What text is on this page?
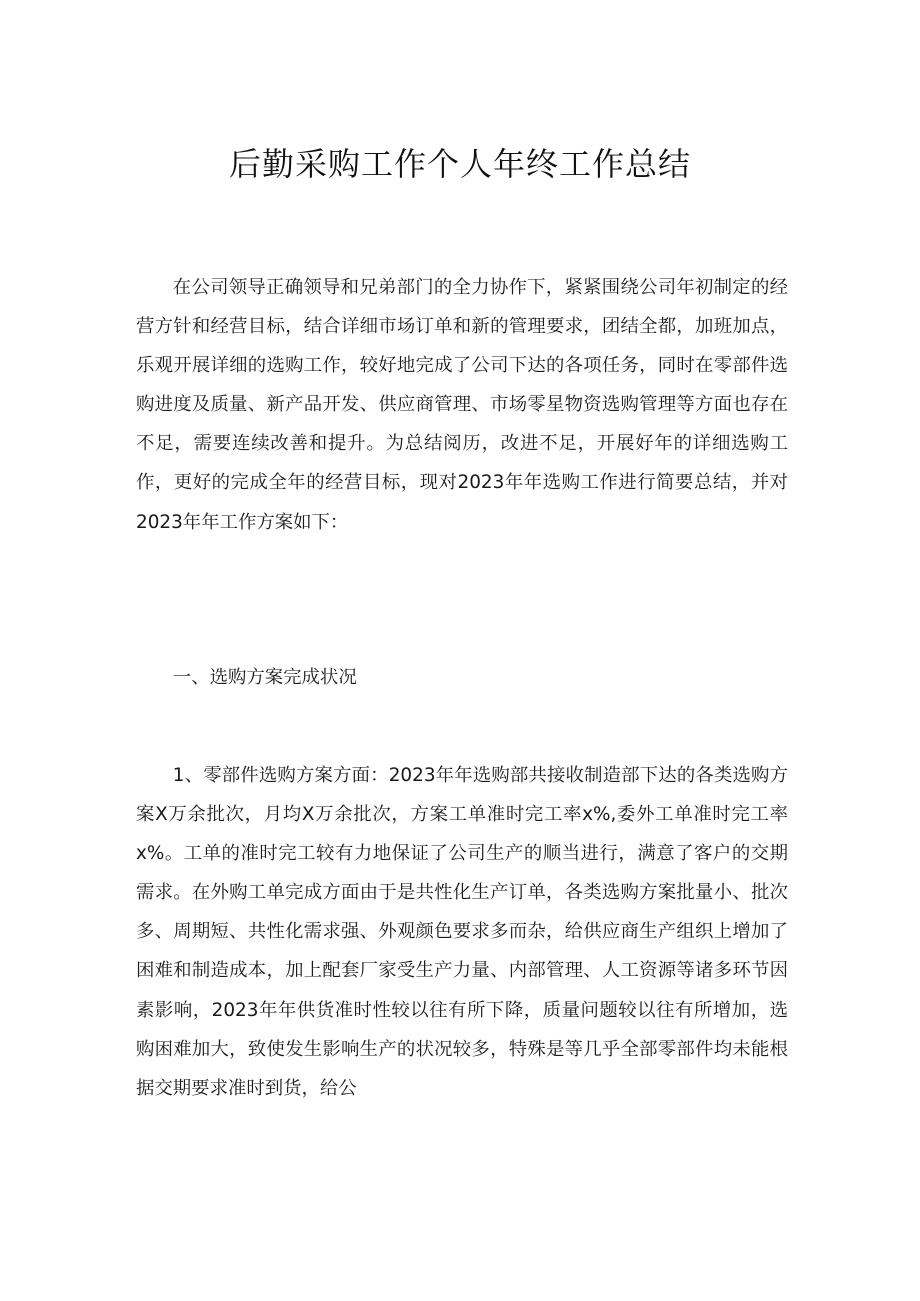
后勤采购工作个人年终工作总结

在公司领导正确领导和兄弟部门的全力协作下，紧紧围绕公司年初制定的经营方针和经营目标，结合详细市场订单和新的管理要求，团结全都，加班加点，乐观开展详细的选购工作，较好地完成了公司下达的各项任务，同时在零部件选购进度及质量、新产品开发、供应商管理、市场零星物资选购管理等方面也存在不足，需要连续改善和提升。为总结阅历，改进不足，开展好年的详细选购工作，更好的完成全年的经营目标，现对2023年年选购工作进行简要总结，并对2023年年工作方案如下：

一、选购方案完成状况

1、零部件选购方案方面：2023年年选购部共接收制造部下达的各类选购方案X万余批次，月均X万余批次，方案工单准时完工率x%,委外工单准时完工率x%。工单的准时完工较有力地保证了公司生产的顺当进行，满意了客户的交期需求。在外购工单完成方面由于是共性化生产订单，各类选购方案批量小、批次多、周期短、共性化需求强、外观颜色要求多而杂，给供应商生产组织上增加了困难和制造成本，加上配套厂家受生产力量、内部管理、人工资源等诸多环节因素影响，2023年年供货准时性较以往有所下降，质量问题较以往有所增加，选购困难加大，致使发生影响生产的状况较多，特殊是等几乎全部零部件均未能根据交期要求准时到货，给公
